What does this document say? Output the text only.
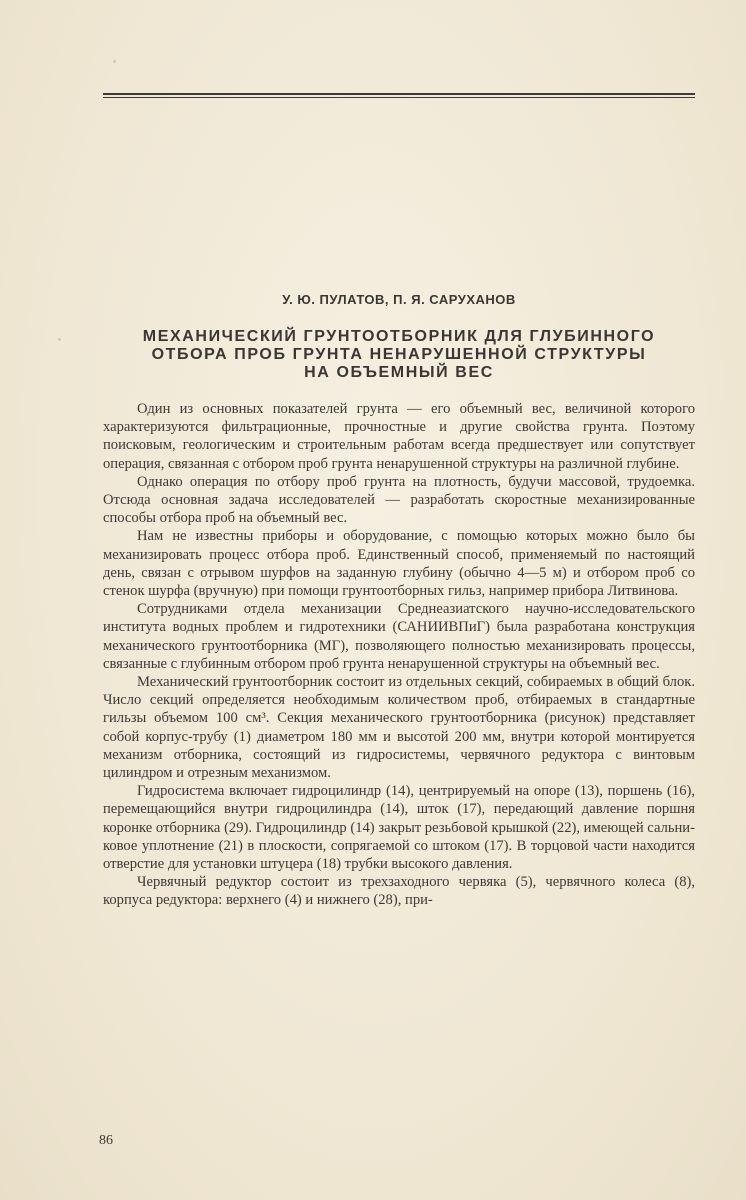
У. Ю. ПУЛАТОВ, П. Я. САРУХАНОВ
МЕХАНИЧЕСКИЙ ГРУНТООТБОРНИК ДЛЯ ГЛУБИННОГО
ОТБОРА ПРОБ ГРУНТА НЕНАРУШЕННОЙ СТРУКТУРЫ
НА ОБЪЕМНЫЙ ВЕС

Один из основных показателей грунта — его объемный вес, величиной которого характеризуются фильтрационные, прочностные и другие свойства грунта. Поэтому поисковым, геологическим и строительным работам всегда предшествует или сопутствует операция, связанная с отбором проб грунта ненарушенной структуры на различной глубине.

Однако операция по отбору проб грунта на плотность, будучи массовой, трудоемка. Отсюда основная задача исследователей — разработать скоростные механизированные способы отбора проб на объемный вес.

Нам не известны приборы и оборудование, с помощью которых можно было бы механизировать процесс отбора проб. Единственный способ, применяемый по настоящий день, связан с отрывом шурфов на заданную глубину (обычно 4—5 м) и отбором проб со стенок шурфа (вручную) при помощи грунтоотборных гильз, например прибора Литвинова.

Сотрудниками отдела механизации Среднеазиатского научно-исследовательского института водных проблем и гидротехники (САНИИВПиГ) была разработана конструкция механического грунтоотборника (МГ), позволяющего полностью механизировать процессы, связанные с глубинным отбором проб грунта ненарушенной структуры на объемный вес.

Механический грунтоотборник состоит из отдельных секций, собираемых в общий блок. Число секций определяется необходимым количеством проб, отбираемых в стандартные гильзы объемом 100 см³. Секция механического грунтоотборника (рисунок) представляет собой корпус-трубу (1) диаметром 180 мм и высотой 200 мм, внутри которой монтируется механизм отборника, состоящий из гидросистемы, червячного редуктора с винтовым цилиндром и отрезным механизмом.

Гидросистема включает гидроцилиндр (14), центрируемый на опоре (13), поршень (16), перемещающийся внутри гидроцилиндра (14), шток (17), передающий давление поршня коронке отборника (29). Гидроцилиндр (14) закрыт резьбовой крышкой (22), имеющей сальниковое уплотнение (21) в плоскости, сопрягаемой со штоком (17). В торцовой части находится отверстие для установки штуцера (18) трубки высокого давления.

Червячный редуктор состоит из трехзаходного червяка (5), червячного колеса (8), корпуса редуктора: верхнего (4) и нижнего (28), при-

86
